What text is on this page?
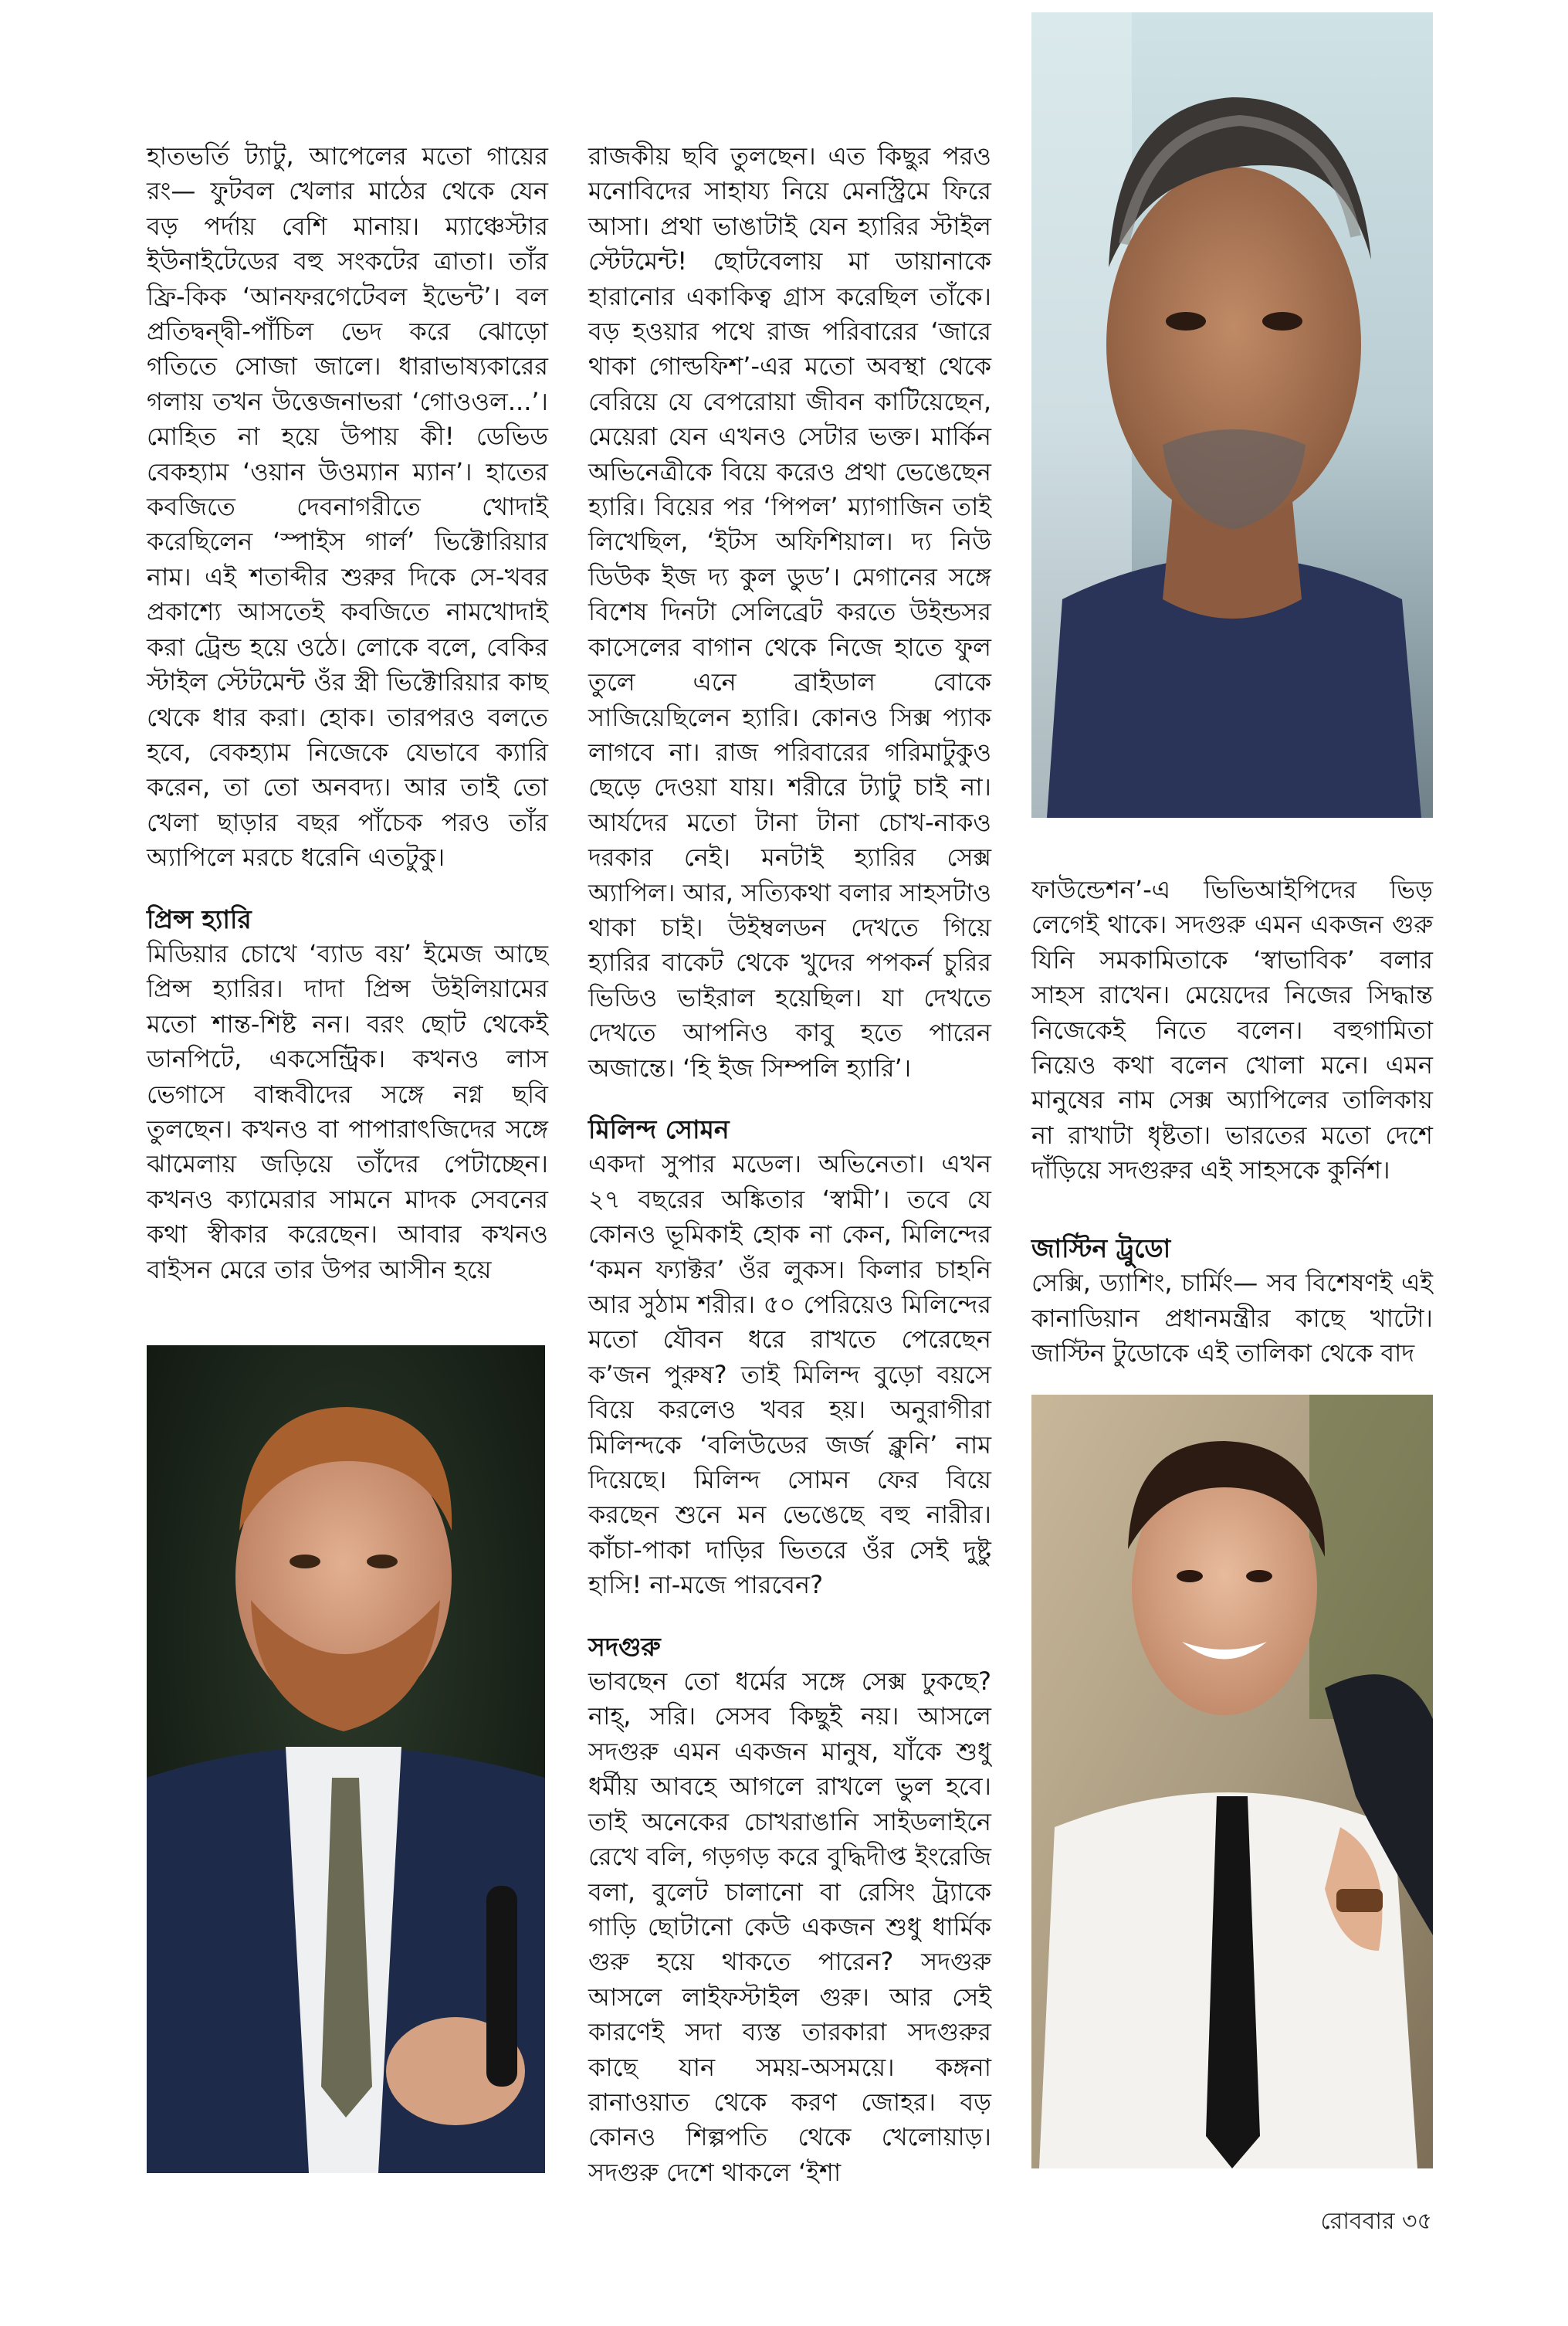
হাতভর্তি ট্যাটু, আপেলের মতো গায়ের রং— ফুটবল খেলার মাঠের থেকে যেন বড় পর্দায় বেশি মানায়। ম্যাঞ্চেস্টার ইউনাইটেডের বহু সংকটের ত্রাতা। তাঁর ফ্রি-কিক ‘আনফরগেটেবল ইভেন্ট’। বল প্রতিদ্বন্দ্বী-পাঁচিল ভেদ করে ঝোড়ো গতিতে সোজা জালে। ধারাভাষ্যকারের গলায় তখন উত্তেজনাভরা ‘গোওওল...’। মোহিত না হয়ে উপায় কী! ডেভিড বেকহ্যাম ‘ওয়ান উওম্যান ম্যান’। হাতের কবজিতে দেবনাগরীতে খোদাই করেছিলেন ‘স্পাইস গার্ল’ ভিক্টোরিয়ার নাম। এই শতাব্দীর শুরুর দিকে সে-খবর প্রকাশ্যে আসতেই কবজিতে নামখোদাই করা ট্রেন্ড হয়ে ওঠে। লোকে বলে, বেকির স্টাইল স্টেটমেন্ট ওঁর স্ত্রী ভিক্টোরিয়ার কাছ থেকে ধার করা। হোক। তারপরও বলতে হবে, বেকহ্যাম নিজেকে যেভাবে ক্যারি করেন, তা তো অনবদ্য। আর তাই তো খেলা ছাড়ার বছর পাঁচেক পরও তাঁর অ্যাপিলে মরচে ধরেনি এতটুকু।

প্রিন্স হ্যারি

মিডিয়ার চোখে ‘ব্যাড বয়’ ইমেজ আছে প্রিন্স হ্যারির। দাদা প্রিন্স উইলিয়ামের মতো শান্ত-শিষ্ট নন। বরং ছোট থেকেই ডানপিটে, একসেন্ট্রিক। কখনও লাস ভেগাসে বান্ধবীদের সঙ্গে নগ্ন ছবি তুলছেন। কখনও বা পাপারাৎজিদের সঙ্গে ঝামেলায় জড়িয়ে তাঁদের পেটাচ্ছেন। কখনও ক্যামেরার সামনে মাদক সেবনের কথা স্বীকার করেছেন। আবার কখনও বাইসন মেরে তার উপর আসীন হয়ে

রাজকীয় ছবি তুলছেন। এত কিছুর পরও মনোবিদের সাহায্য নিয়ে মেনস্ট্রিমে ফিরে আসা। প্রথা ভাঙাটাই যেন হ্যারির স্টাইল স্টেটমেন্ট! ছোটবেলায় মা ডায়ানাকে হারানোর একাকিত্ব গ্রাস করেছিল তাঁকে। বড় হওয়ার পথে রাজ পরিবারের ‘জারে থাকা গোল্ডফিশ’-এর মতো অবস্থা থেকে বেরিয়ে যে বেপরোয়া জীবন কাটিয়েছেন, মেয়েরা যেন এখনও সেটার ভক্ত। মার্কিন অভিনেত্রীকে বিয়ে করেও প্রথা ভেঙেছেন হ্যারি। বিয়ের পর ‘পিপল’ ম্যাগাজিন তাই লিখেছিল, ‘ইটস অফিশিয়াল। দ্য নিউ ডিউক ইজ দ্য কুল ডুড’। মেগানের সঙ্গে বিশেষ দিনটা সেলিব্রেট করতে উইন্ডসর কাসেলের বাগান থেকে নিজে হাতে ফুল তুলে এনে ব্রাইডাল বোকে সাজিয়েছিলেন হ্যারি। কোনও সিক্স প্যাক লাগবে না। রাজ পরিবারের গরিমাটুকুও ছেড়ে দেওয়া যায়। শরীরে ট্যাটু চাই না। আর্যদের মতো টানা টানা চোখ-নাকও দরকার নেই। মনটাই হ্যারির সেক্স অ্যাপিল। আর, সত্যিকথা বলার সাহসটাও থাকা চাই। উইম্বলডন দেখতে গিয়ে হ্যারির বাকেট থেকে খুদের পপকর্ন চুরির ভিডিও ভাইরাল হয়েছিল। যা দেখতে দেখতে আপনিও কাবু হতে পারেন অজান্তে। ‘হি ইজ সিম্পলি হ্যারি’।

মিলিন্দ সোমন

একদা সুপার মডেল। অভিনেতা। এখন ২৭ বছরের অঙ্কিতার ‘স্বামী’। তবে যে কোনও ভূমিকাই হোক না কেন, মিলিন্দের ‘কমন ফ্যাক্টর’ ওঁর লুকস। কিলার চাহনি আর সুঠাম শরীর। ৫০ পেরিয়েও মিলিন্দের মতো যৌবন ধরে রাখতে পেরেছেন ক’জন পুরুষ? তাই মিলিন্দ বুড়ো বয়সে বিয়ে করলেও খবর হয়। অনুরাগীরা মিলিন্দকে ‘বলিউডের জর্জ ক্লুনি’ নাম দিয়েছে। মিলিন্দ সোমন ফের বিয়ে করছেন শুনে মন ভেঙেছে বহু নারীর। কাঁচা-পাকা দাড়ির ভিতরে ওঁর সেই দুষ্টু হাসি! না-মজে পারবেন?

সদগুরু

ভাবছেন তো ধর্মের সঙ্গে সেক্স ঢুকছে? নাহ্, সরি। সেসব কিছুই নয়। আসলে সদগুরু এমন একজন মানুষ, যাঁকে শুধু ধর্মীয় আবহে আগলে রাখলে ভুল হবে। তাই অনেকের চোখরাঙানি সাইডলাইনে রেখে বলি, গড়গড় করে বুদ্ধিদীপ্ত ইংরেজি বলা, বুলেট চালানো বা রেসিং ট্র্যাকে গাড়ি ছোটানো কেউ একজন শুধু ধার্মিক গুরু হয়ে থাকতে পারেন? সদগুরু আসলে লাইফস্টাইল গুরু। আর সেই কারণেই সদা ব্যস্ত তারকারা সদগুরুর কাছে যান সময়-অসময়ে। কঙ্গনা রানাওয়াত থেকে করণ জোহর। বড় কোনও শিল্পপতি থেকে খেলোয়াড়। সদগুরু দেশে থাকলে ‘ইশা

ফাউন্ডেশন’-এ ভিভিআইপিদের ভিড় লেগেই থাকে। সদগুরু এমন একজন গুরু যিনি সমকামিতাকে ‘স্বাভাবিক’ বলার সাহস রাখেন। মেয়েদের নিজের সিদ্ধান্ত নিজেকেই নিতে বলেন। বহুগামিতা নিয়েও কথা বলেন খোলা মনে। এমন মানুষের নাম সেক্স অ্যাপিলের তালিকায় না রাখাটা ধৃষ্টতা। ভারতের মতো দেশে দাঁড়িয়ে সদগুরুর এই সাহসকে কুর্নিশ।

জাস্টিন ট্রুডো

সেক্সি, ড্যাশিং, চার্মিং— সব বিশেষণই এই কানাডিয়ান প্রধানমন্ত্রীর কাছে খাটো। জাস্টিন টুডোকে এই তালিকা থেকে বাদ

রোববার ৩৫
